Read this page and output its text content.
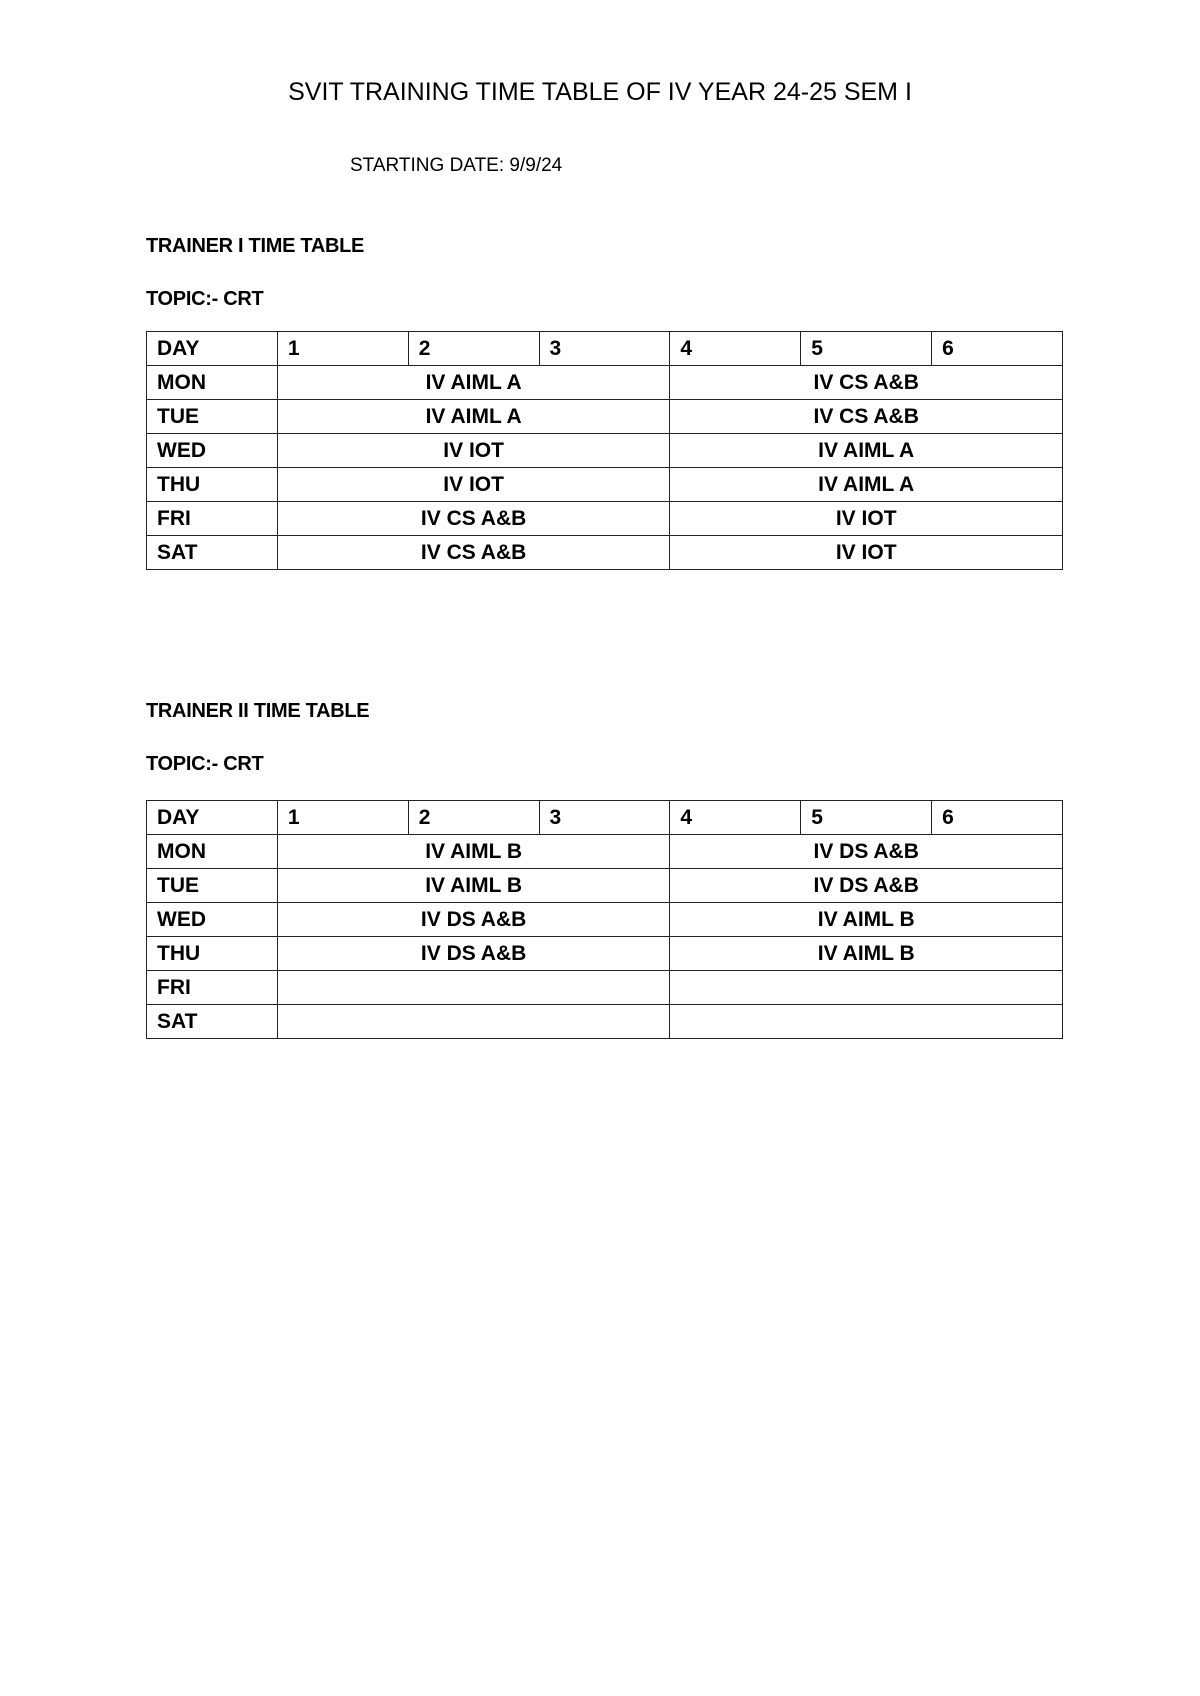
SVIT TRAINING TIME TABLE OF IV YEAR 24-25 SEM I
STARTING DATE: 9/9/24
TRAINER I TIME TABLE
TOPIC:- CRT
DAY	1	2	3	4	5	6
MON	IV AIML A			IV CS A&B		
TUE	IV AIML A			IV CS A&B		
WED	IV IOT			IV AIML A		
THU	IV IOT			IV AIML A		
FRI	IV CS A&B			IV IOT		
SAT	IV CS A&B			IV IOT		
TRAINER II TIME TABLE
TOPIC:- CRT
DAY	1	2	3	4	5	6
MON	IV AIML B			IV DS A&B		
TUE	IV AIML B			IV DS A&B		
WED	IV DS A&B			IV AIML B		
THU	IV DS A&B			IV AIML B		
FRI						
SAT						
